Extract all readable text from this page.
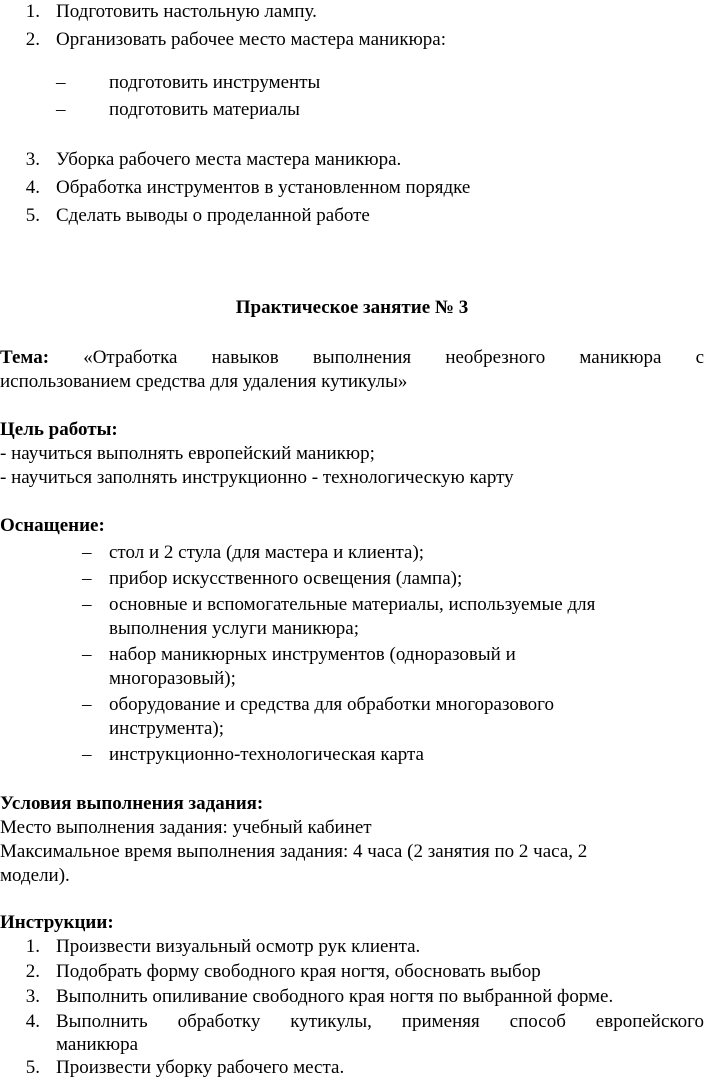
1. Подготовить настольную лампу.
2. Организовать рабочее место мастера маникюра:
– подготовить инструменты
– подготовить материалы
3. Уборка рабочего места мастера маникюра.
4. Обработка инструментов в установленном порядке
5. Сделать выводы о проделанной работе
Практическое занятие № 3
Тема: «Отработка навыков выполнения необрезного маникюра с
использованием средства для удаления кутикулы»
Цель работы:
- научиться выполнять европейский маникюр;
- научиться заполнять инструкционно - технологическую карту
Оснащение:
– стол и 2 стула (для мастера и клиента);
– прибор искусственного освещения (лампа);
– основные и вспомогательные материалы, используемые для
выполнения услуги маникюра;
– набор маникюрных инструментов (одноразовый и
многоразовый);
– оборудование и средства для обработки многоразового
инструмента);
– инструкционно-технологическая карта
Условия выполнения задания:
Место выполнения задания: учебный кабинет
Максимальное время выполнения задания: 4 часа (2 занятия по 2 часа, 2
модели).
Инструкции:
1. Произвести визуальный осмотр рук клиента.
2. Подобрать форму свободного края ногтя, обосновать выбор
3. Выполнить опиливание свободного края ногтя по выбранной форме.
4. Выполнить обработку кутикулы, применяя способ европейского
маникюра
5. Произвести уборку рабочего места.
